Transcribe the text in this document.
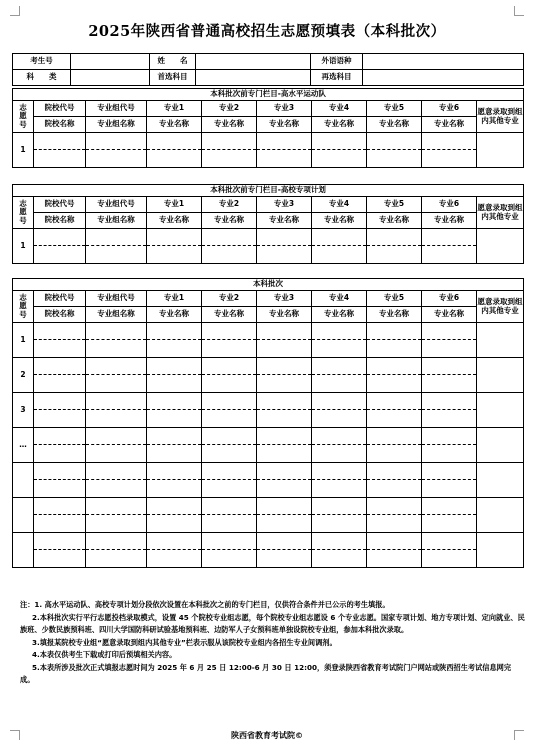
2025年陕西省普通高校招生志愿预填表（本科批次）
考生号		姓　　名		外语语种	
科　　类		首选科目		再选科目	
本科批次前专门栏目-高水平运动队									
志愿号	院校代号	专业组代号	专业1	专业2	专业3	专业4	专业5	专业6	愿意录取到组内其他专业
	院校名称	专业组名称	专业名称	专业名称	专业名称	专业名称	专业名称	专业名称	
1	

本科批次前专门栏目-高校专项计划									
志愿号	院校代号	专业组代号	专业1	专业2	专业3	专业4	专业5	专业6	愿意录取到组内其他专业
	院校名称	专业组名称	专业名称	专业名称	专业名称	专业名称	专业名称	专业名称	
1	

本科批次									
志愿号	院校代号	专业组代号	专业1	专业2	专业3	专业4	专业5	专业6	愿意录取到组内其他专业
	院校名称	专业组名称	专业名称	专业名称	专业名称	专业名称	专业名称	专业名称	
1	

2	

3	

…	

注：1. 高水平运动队、高校专项计划分段依次设置在本科批次之前的专门栏目，仅供符合条件并已公示的考生填报。

2.本科批次实行平行志愿投档录取模式，设置 45 个院校专业组志愿，每个院校专业组志愿设 6 个专业志愿。国家专项计划、地方专项计划、定向就业、民族班、少数民族预科班、四川大学国防科研试验基地预科班、边防军人子女预科班单独设院校专业组，参加本科批次录取。

3.填报某院校专业组“愿意录取到组内其他专业”栏表示服从该院校专业组内各招生专业间调剂。

4.本表仅供考生下载或打印后预填相关内容。

5.本表所涉及批次正式填报志愿时间为 2025 年 6 月 25 日 12:00-6 月 30 日 12:00，须登录陕西省教育考试院门户网站或陕西招生考试信息网完成。

陕西省教育考试院©
